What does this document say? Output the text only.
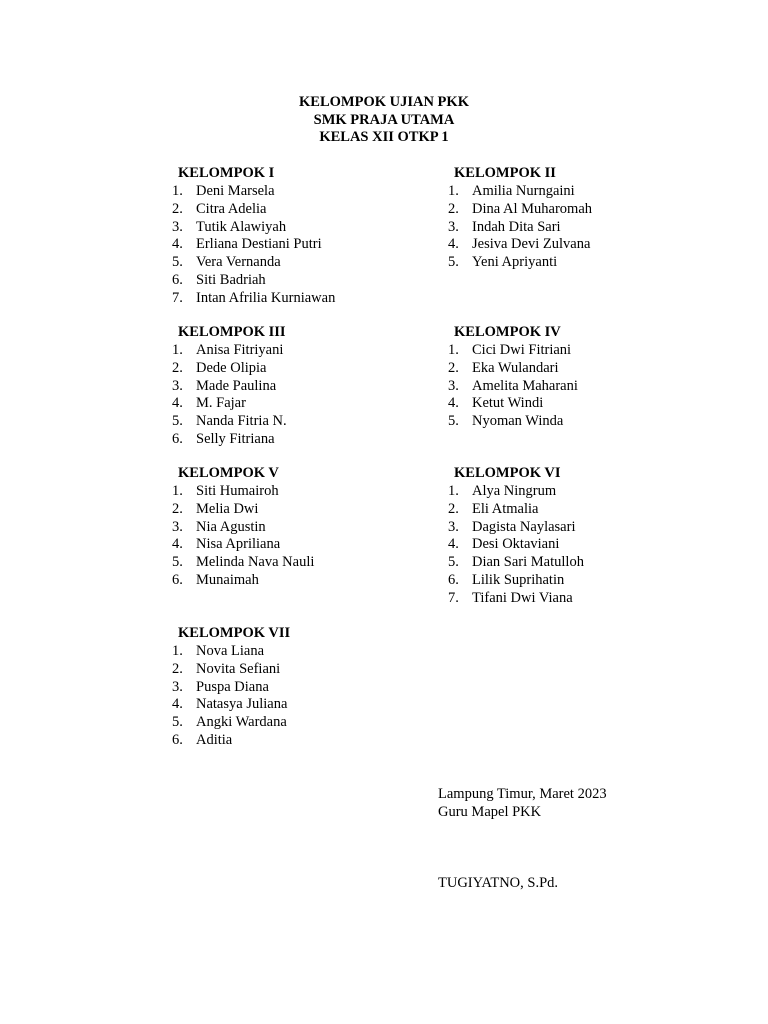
KELOMPOK UJIAN PKK
SMK PRAJA UTAMA
KELAS XII OTKP 1
KELOMPOK I
1. Deni Marsela
2. Citra Adelia
3. Tutik Alawiyah
4. Erliana Destiani Putri
5. Vera Vernanda
6. Siti Badriah
7. Intan Afrilia Kurniawan
KELOMPOK II
1. Amilia Nurngaini
2. Dina Al Muharomah
3. Indah Dita Sari
4. Jesiva Devi Zulvana
5. Yeni Apriyanti
KELOMPOK III
1. Anisa Fitriyani
2. Dede Olipia
3. Made Paulina
4. M. Fajar
5. Nanda Fitria N.
6. Selly Fitriana
KELOMPOK IV
1. Cici Dwi Fitriani
2. Eka Wulandari
3. Amelita Maharani
4. Ketut Windi
5. Nyoman Winda
KELOMPOK V
1. Siti Humairoh
2. Melia Dwi
3. Nia Agustin
4. Nisa Apriliana
5. Melinda Nava Nauli
6. Munaimah
KELOMPOK VI
1. Alya Ningrum
2. Eli Atmalia
3. Dagista Naylasari
4. Desi Oktaviani
5. Dian Sari Matulloh
6. Lilik Suprihatin
7. Tifani Dwi Viana
KELOMPOK VII
1. Nova Liana
2. Novita Sefiani
3. Puspa Diana
4. Natasya Juliana
5. Angki Wardana
6. Aditia
Lampung Timur, Maret 2023
Guru Mapel PKK
TUGIYATNO, S.Pd.
